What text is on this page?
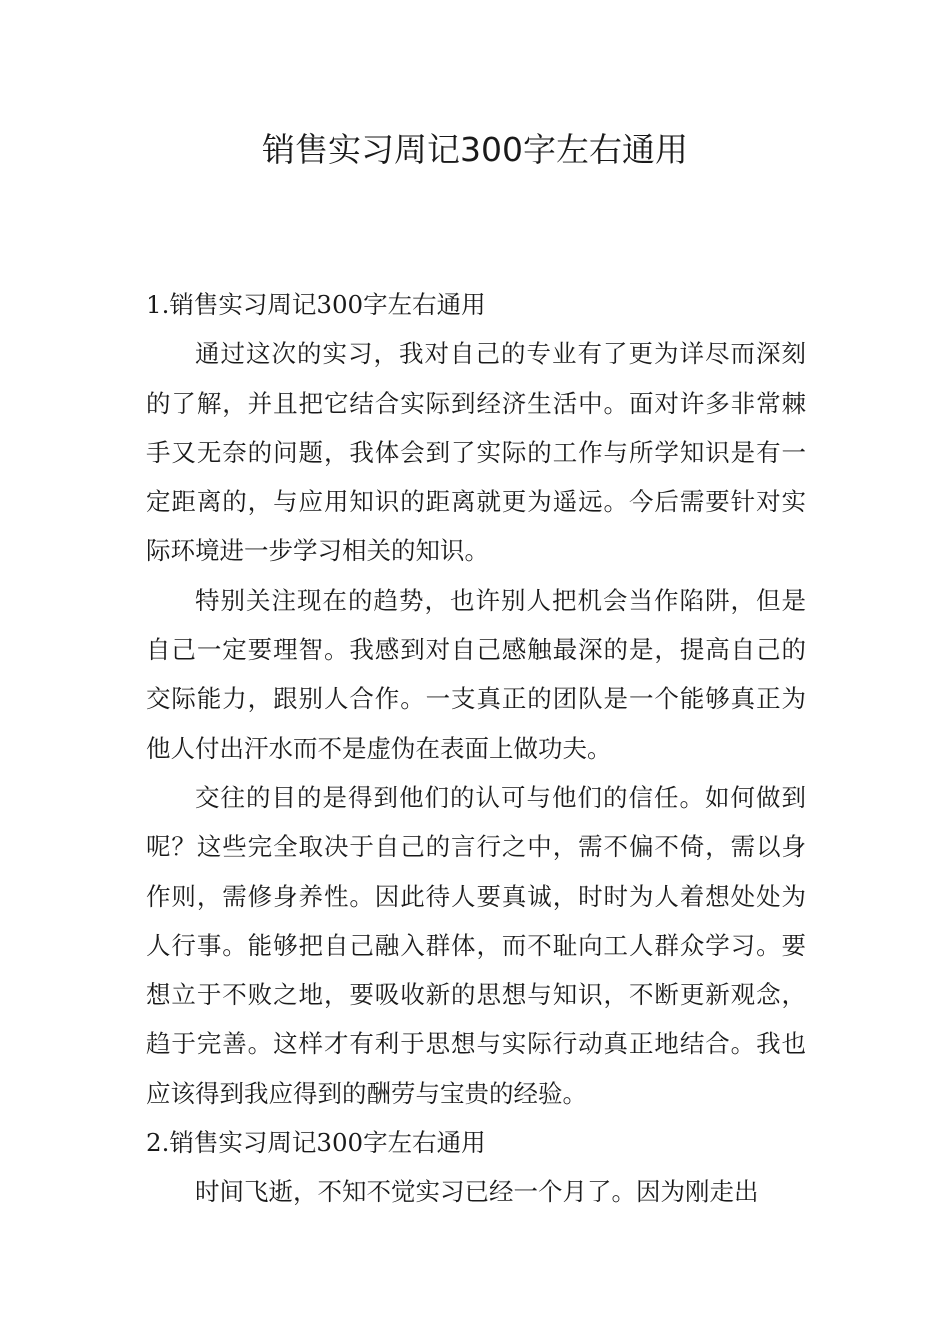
销售实习周记300字左右通用
1.销售实习周记300字左右通用

通过这次的实习，我对自己的专业有了更为详尽而深刻的了解，并且把它结合实际到经济生活中。面对许多非常棘手又无奈的问题，我体会到了实际的工作与所学知识是有一定距离的，与应用知识的距离就更为遥远。今后需要针对实际环境进一步学习相关的知识。

特别关注现在的趋势，也许别人把机会当作陷阱，但是自己一定要理智。我感到对自己感触最深的是，提高自己的交际能力，跟别人合作。一支真正的团队是一个能够真正为他人付出汗水而不是虚伪在表面上做功夫。

交往的目的是得到他们的认可与他们的信任。如何做到呢？这些完全取决于自己的言行之中，需不偏不倚，需以身作则，需修身养性。因此待人要真诚，时时为人着想处处为人行事。能够把自己融入群体，而不耻向工人群众学习。要想立于不败之地，要吸收新的思想与知识，不断更新观念，趋于完善。这样才有利于思想与实际行动真正地结合。我也应该得到我应得到的酬劳与宝贵的经验。

2.销售实习周记300字左右通用

时间飞逝，不知不觉实习已经一个月了。因为刚走出
